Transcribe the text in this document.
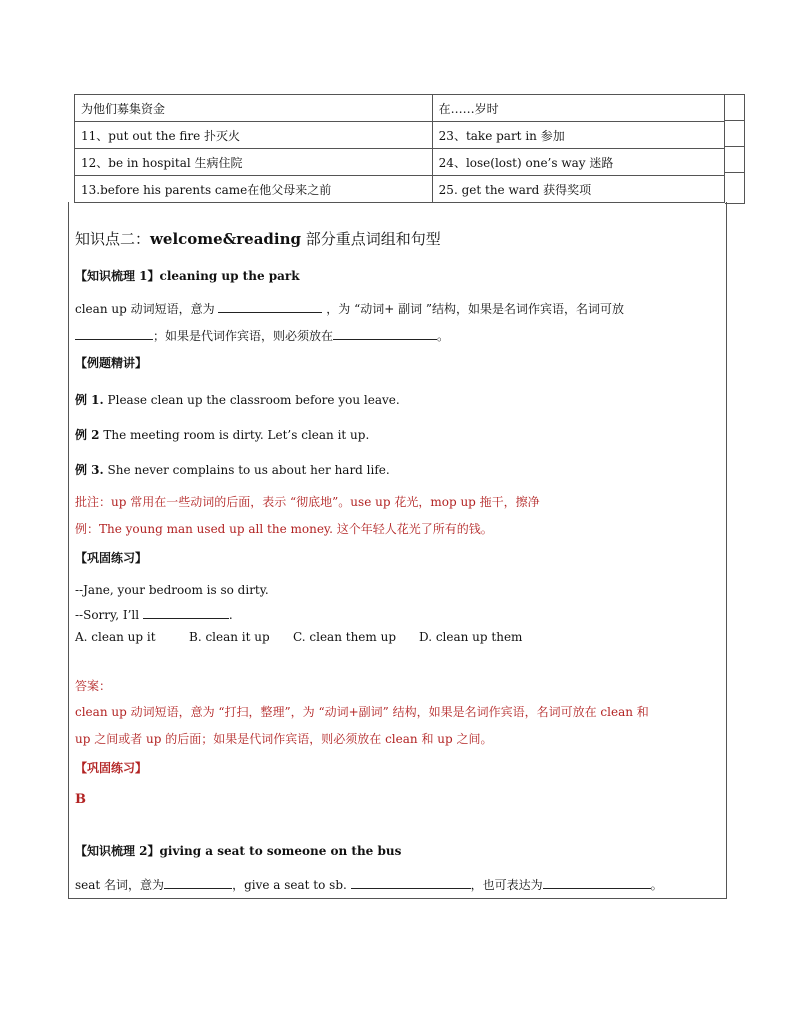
为他们募集资金	在……岁时
11、put out the fire 扑灭火	23、take part in 参加
12、be in hospital 生病住院	24、lose(lost) one’s way 迷路
13.before his parents came在他父母来之前	25. get the ward 获得奖项
知识点二：welcome&reading 部分重点词组和句型
【知识梳理 1】cleaning up the park
clean up 动词短语，意为	，为 “动词+ 副词 ”结构，如果是名词作宾语，名词可放
；如果是代词作宾语，则必须放在	。
【例题精讲】
例 1. Please clean up the classroom before you leave.
例 2 The meeting room is dirty. Let’s clean it up.
例 3. She never complains to us about her hard life.
批注：up 常用在一些动词的后面，表示 “彻底地”。use up 花光，mop up 拖干，擦净
例：The young man used up all the money. 这个年轻人花光了所有的钱。
【巩固练习】
--Jane, your bedroom is so dirty.
--Sorry, I’ll	.
A. clean up it	B. clean it up C. clean them up D. clean up them
答案：
clean up 动词短语，意为 “打扫，整理”，为 “动词+副词” 结构，如果是名词作宾语，名词可放在 clean 和
up 之间或者 up 的后面；如果是代词作宾语，则必须放在 clean 和 up 之间。
【巩固练习】
B
【知识梳理 2】giving a seat to someone on the bus
seat 名词，意为	，give a seat to sb.	，也可表达为	。
